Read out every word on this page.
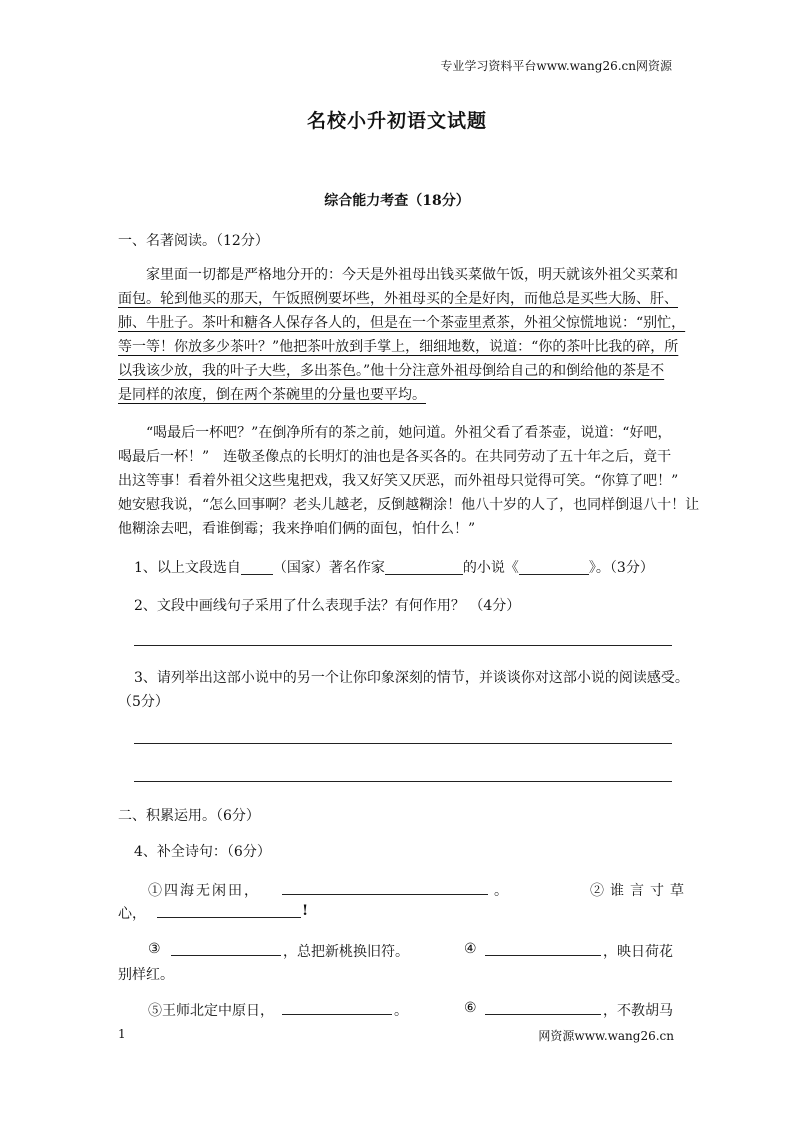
专业学习资料平台www.wang26.cn网资源
名校小升初语文试题
综合能力考查（18分）
一、名著阅读。（12分）
家里面一切都是严格地分开的：今天是外祖母出钱买菜做午饭，明天就该外祖父买菜和
面包。轮到他买的那天，午饭照例要坏些，外祖母买的全是好肉，而他总是买些大肠、肝、
肺、牛肚子。茶叶和糖各人保存各人的，但是在一个茶壶里煮茶，外祖父惊慌地说：“别忙，
等一等！你放多少茶叶？”他把茶叶放到手掌上，细细地数，说道：“你的茶叶比我的碎，所
以我该少放，我的叶子大些，多出茶色。”他十分注意外祖母倒给自己的和倒给他的茶是不
是同样的浓度，倒在两个茶碗里的分量也要平均。
“喝最后一杯吧？”在倒净所有的茶之前，她问道。外祖父看了看茶壶，说道：“好吧，
喝最后一杯！”　连敬圣像点的长明灯的油也是各买各的。在共同劳动了五十年之后，竟干
出这等事！看着外祖父这些鬼把戏，我又好笑又厌恶，而外祖母只觉得可笑。“你算了吧！”
她安慰我说，“怎么回事啊？老头儿越老，反倒越糊涂！他八十岁的人了，也同样倒退八十！让
他糊涂去吧，看谁倒霉；我来挣咱们俩的面包，怕什么！”
1、以上文段选自 （国家）著名作家	的小说《	》。（3分）
2、文段中画线句子采用了什么表现手法？有何作用？ （4分）
3、请列举出这部小说中的另一个让你印象深刻的情节，并谈谈你对这部小说的阅读感受。
（5分）
二、积累运用。（6分）
4、补全诗句：（6分）
①四海无闲田，	。	②谁言寸草
心，	!
③	，总把新桃换旧符。	④	，映日荷花
别样红。
⑤王师北定中原日，	。	⑥	，不教胡马
1	网资源www.wang26.cn
